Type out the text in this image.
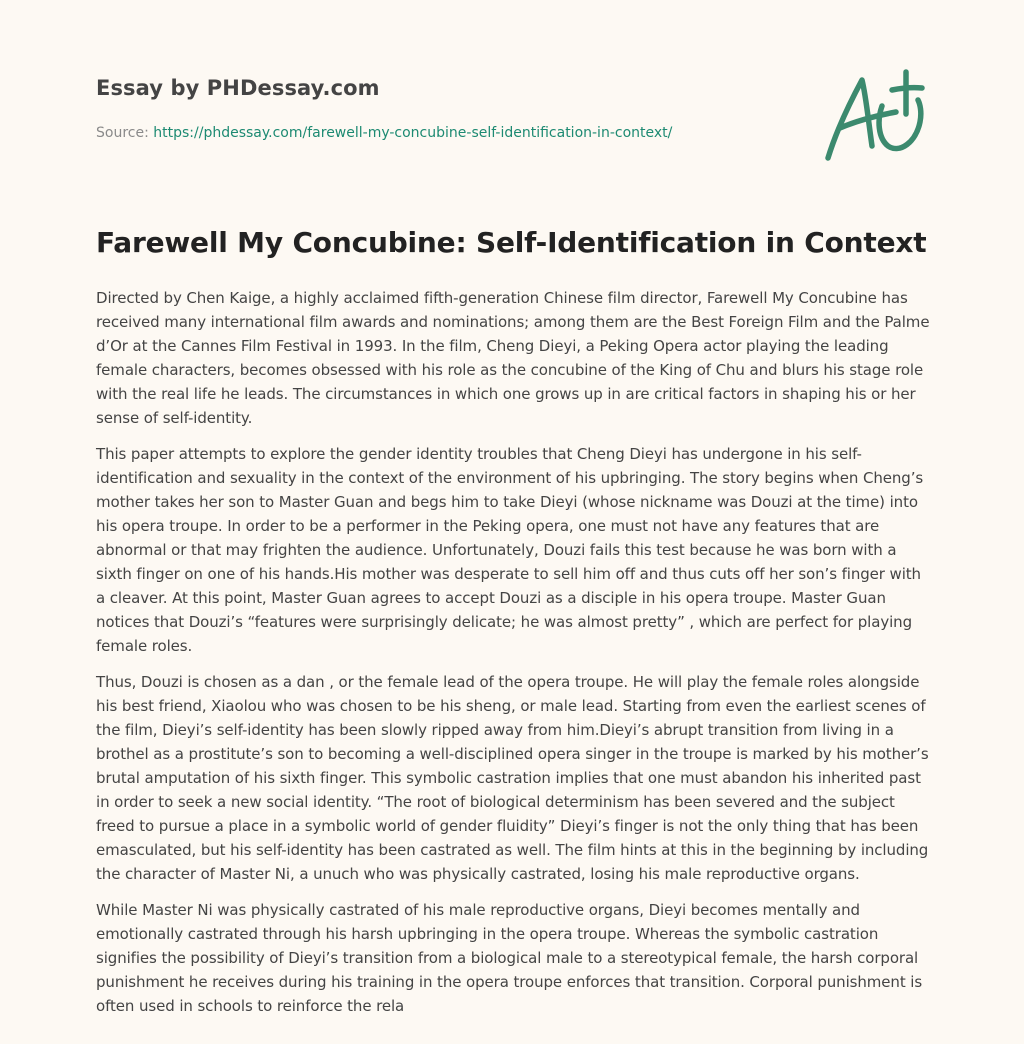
Essay by PHDessay.com
Source: https://phdessay.com/farewell-my-concubine-self-identification-in-context/
Farewell My Concubine: Self-Identification in Context

Directed by Chen Kaige, a highly acclaimed fifth-generation Chinese film director, Farewell My Concubine has received many international film awards and nominations; among them are the Best Foreign Film and the Palme d’Or at the Cannes Film Festival in 1993. In the film, Cheng Dieyi, a Peking Opera actor playing the leading female characters, becomes obsessed with his role as the concubine of the King of Chu and blurs his stage role with the real life he leads. The circumstances in which one grows up in are critical factors in shaping his or her sense of self-identity.

This paper attempts to explore the gender identity troubles that Cheng Dieyi has undergone in his self-identification and sexuality in the context of the environment of his upbringing. The story begins when Cheng’s mother takes her son to Master Guan and begs him to take Dieyi (whose nickname was Douzi at the time) into his opera troupe. In order to be a performer in the Peking opera, one must not have any features that are abnormal or that may frighten the audience. Unfortunately, Douzi fails this test because he was born with a sixth finger on one of his hands.His mother was desperate to sell him off and thus cuts off her son’s finger with a cleaver. At this point, Master Guan agrees to accept Douzi as a disciple in his opera troupe. Master Guan notices that Douzi’s “features were surprisingly delicate; he was almost pretty” , which are perfect for playing female roles.

Thus, Douzi is chosen as a dan , or the female lead of the opera troupe. He will play the female roles alongside his best friend, Xiaolou who was chosen to be his sheng, or male lead. Starting from even the earliest scenes of the film, Dieyi’s self-identity has been slowly ripped away from him.Dieyi’s abrupt transition from living in a brothel as a prostitute’s son to becoming a well-disciplined opera singer in the troupe is marked by his mother’s brutal amputation of his sixth finger. This symbolic castration implies that one must abandon his inherited past in order to seek a new social identity. “The root of biological determinism has been severed and the subject freed to pursue a place in a symbolic world of gender fluidity” Dieyi’s finger is not the only thing that has been emasculated, but his self-identity has been castrated as well. The film hints at this in the beginning by including the character of Master Ni, a unuch who was physically castrated, losing his male reproductive organs.

While Master Ni was physically castrated of his male reproductive organs, Dieyi becomes mentally and emotionally castrated through his harsh upbringing in the opera troupe. Whereas the symbolic castration signifies the possibility of Dieyi’s transition from a biological male to a stereotypical female, the harsh corporal punishment he receives during his training in the opera troupe enforces that transition. Corporal punishment is often used in schools to reinforce the rela
